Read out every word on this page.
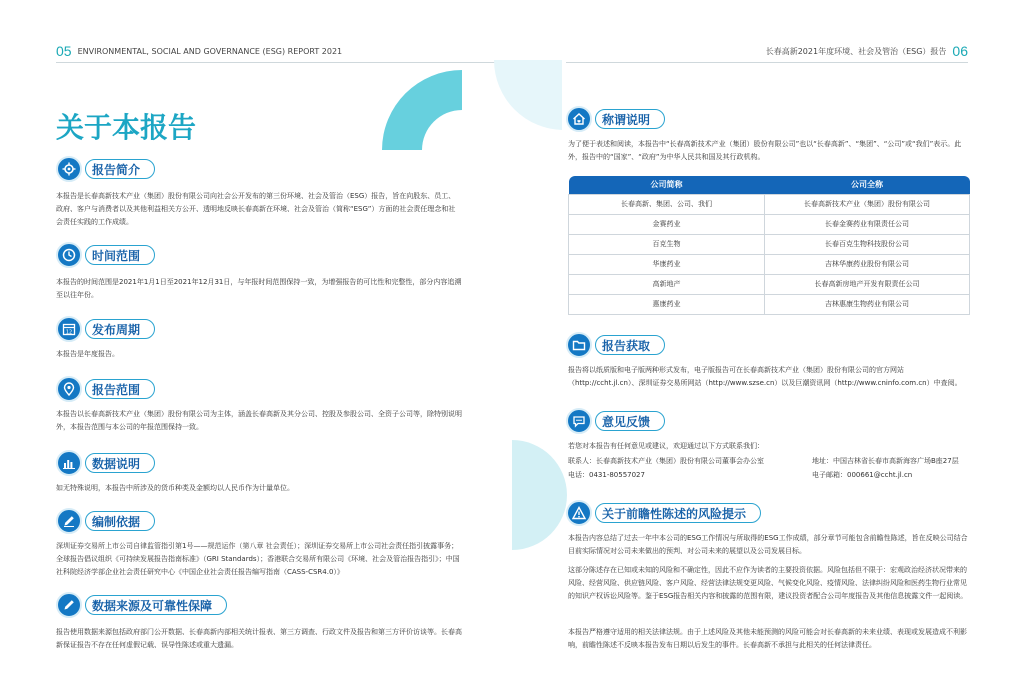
05 ENVIRONMENTAL, SOCIAL AND GOVERNANCE (ESG) REPORT 2021	长春高新2021年度环境、社会及管治（ESG）报告 06
关于本报告
报告简介
本报告是长春高新技术产业（集团）股份有限公司向社会公开发布的第三份环境、社会及管治（ESG）报告，旨在向股东、员工、政府、客户与消费者以及其他利益相关方公开、透明地反映长春高新在环境、社会及管治（简称“ESG”）方面的社会责任理念和社会责任实践的工作成绩。
时间范围
本报告的时间范围是2021年1月1日至2021年12月31日，与年报时间范围保持一致，为增强报告的可比性和完整性，部分内容追溯至以往年份。
12	发布周期
本报告是年度报告。
报告范围
本报告以长春高新技术产业（集团）股份有限公司为主体，涵盖长春高新及其分公司、控股及参股公司、全资子公司等，除特别说明外，本报告范围与本公司的年报范围保持一致。
数据说明
如无特殊说明，本报告中所涉及的货币种类及金额均以人民币作为计量单位。
编制依据
深圳证券交易所上市公司自律监管指引第1号——规范运作（第八章 社会责任）；深圳证券交易所上市公司社会责任指引披露事务；全球报告倡议组织《可持续发展报告指南标准》（GRI Standards）；香港联合交易所有限公司《环境、社会及管治报告指引》；中国社科院经济学部企业社会责任研究中心《中国企业社会责任报告编写指南（CASS-CSR4.0）》
数据来源及可靠性保障
报告使用数据来源包括政府部门公开数据、长春高新内部相关统计报表、第三方调查、行政文件及报告和第三方评价访谈等。长春高新保证报告不存在任何虚假记载、误导性陈述或重大遗漏。
称谓说明
为了便于表述和阅读，本报告中“长春高新技术产业（集团）股份有限公司”也以“长春高新”、“集团”、“公司”或“我们”表示。此外，报告中的“国家”、“政府”为中华人民共和国及其行政机构。
公司简称	公司全称
长春高新、集团、公司、我们	长春高新技术产业（集团）股份有限公司
金赛药业	长春金赛药业有限责任公司
百克生物	长春百克生物科技股份公司
华康药业	吉林华康药业股份有限公司
高新地产	长春高新房地产开发有限责任公司
惠康药业	吉林惠康生物药业有限公司
报告获取
报告将以纸质版和电子版两种形式发布，电子版报告可在长春高新技术产业（集团）股份有限公司的官方网站（http://ccht.jl.cn）、深圳证券交易所网站（http://www.szse.cn）以及巨潮资讯网（http://www.cninfo.com.cn）中查阅。
意见反馈
若您对本报告有任何意见或建议，欢迎通过以下方式联系我们：
联系人：长春高新技术产业（集团）股份有限公司董事会办公室	地址：中国吉林省长春市高新海容广场B座27层
电话：0431-80557027	电子邮箱：000661@ccht.jl.cn
关于前瞻性陈述的风险提示
本报告内容总结了过去一年中本公司的ESG工作情况与所取得的ESG工作成绩，部分章节可能包含前瞻性陈述，旨在反映公司结合目前实际情况对公司未来做出的预判、对公司未来的展望以及公司发展目标。
这部分陈述存在已知或未知的风险和不确定性，因此不应作为读者的主要投资依据。风险包括但不限于：宏观政治经济状况带来的风险、经营风险、供应链风险、客户风险、经营法律法规变更风险、气候变化风险、疫情风险、法律纠纷风险和医药生物行业常见的知识产权诉讼风险等。鉴于ESG报告相关内容和披露的范围有限，建议投资者配合公司年度报告及其他信息披露文件一起阅读。
本报告严格遵守适用的相关法律法规。由于上述风险及其他未能预测的风险可能会对长春高新的未来业绩、表现或发展造成不利影响，前瞻性陈述不反映本报告发布日期以后发生的事件。长春高新不承担与此相关的任何法律责任。
